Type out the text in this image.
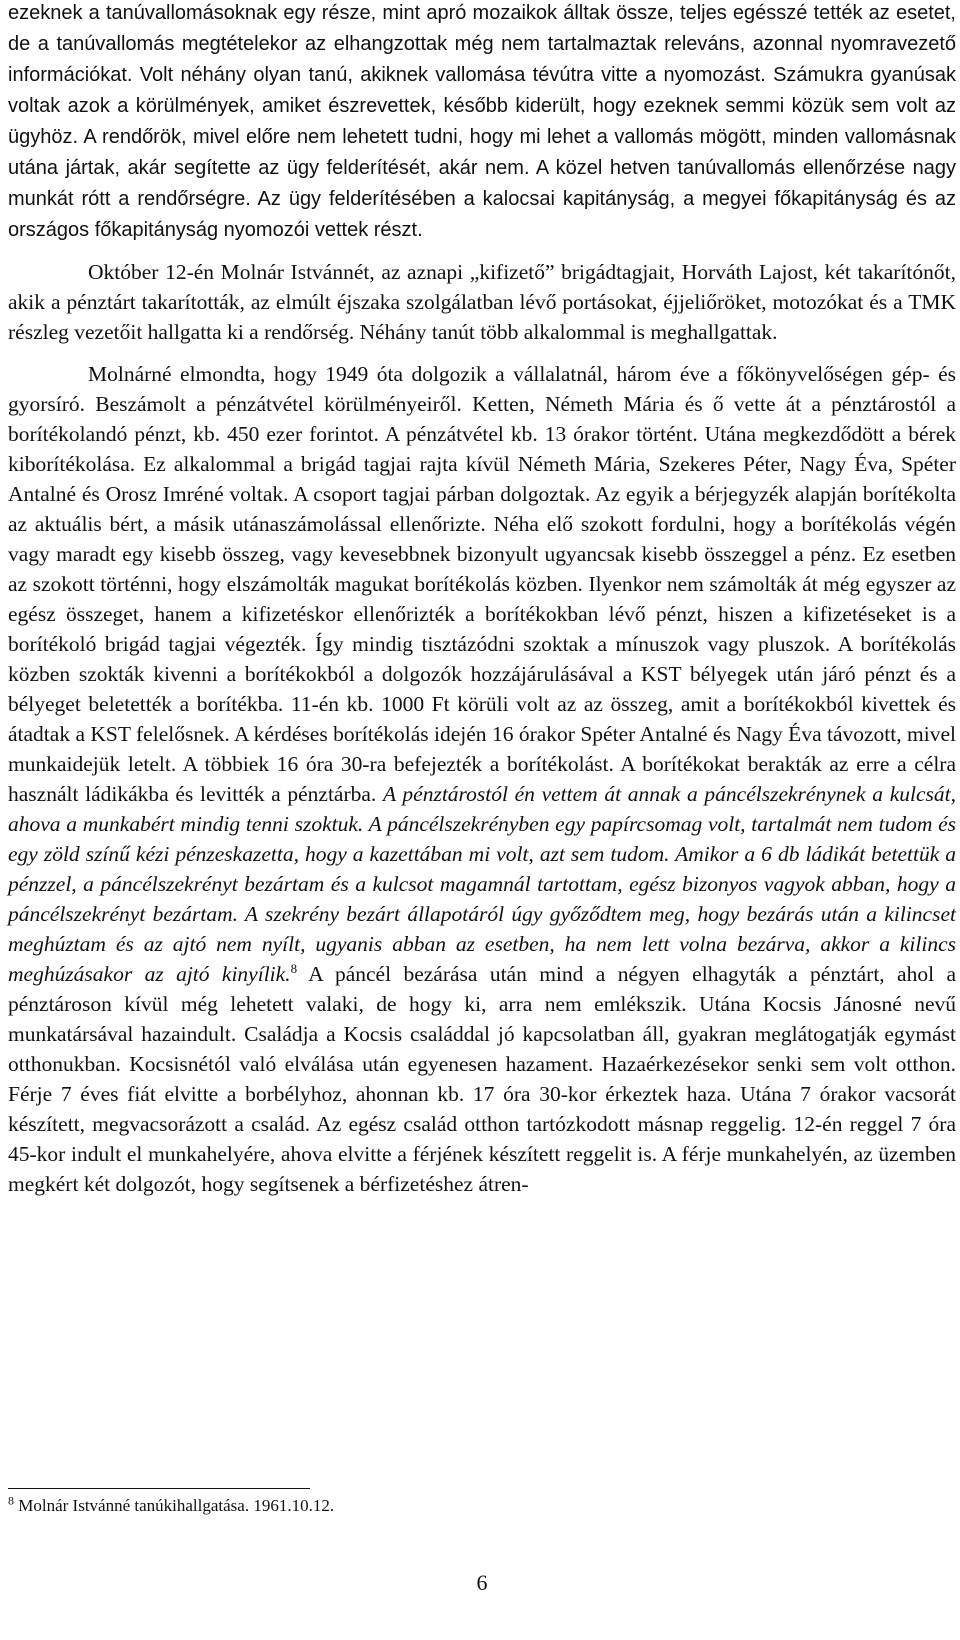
ezeknek a tanúvallomásoknak egy része, mint apró mozaikok álltak össze, teljes egésszé tették az esetet, de a tanúvallomás megtételekor az elhangzottak még nem tartalmaztak releváns, azonnal nyomravezető információkat. Volt néhány olyan tanú, akiknek vallomása tévútra vitte a nyomozást. Számukra gyanúsak voltak azok a körülmények, amiket észrevettek, később kiderült, hogy ezeknek semmi közük sem volt az ügyhöz. A rendőrök, mivel előre nem lehetett tudni, hogy mi lehet a vallomás mögött, minden vallomásnak utána jártak, akár segítette az ügy felderítését, akár nem. A közel hetven tanúvallomás ellenőrzése nagy munkát rótt a rendőrségre. Az ügy felderítésében a kalocsai kapitányság, a megyei főkapitányság és az országos főkapitányság nyomozói vettek részt.

Október 12-én Molnár Istvánnét, az aznapi „kifizető” brigádtagjait, Horváth Lajost, két takarítónőt, akik a pénztárt takarították, az elmúlt éjszaka szolgálatban lévő portásokat, éjjeliőröket, motozókat és a TMK részleg vezetőit hallgatta ki a rendőrség. Néhány tanút több alkalommal is meghallgattak.

Molnárné elmondta, hogy 1949 óta dolgozik a vállalatnál, három éve a főkönyvelőségen gép- és gyorsíró. Beszámolt a pénzátvétel körülményeiről. Ketten, Németh Mária és ő vette át a pénztárostól a borítékolandó pénzt, kb. 450 ezer forintot. A pénzátvétel kb. 13 órakor történt. Utána megkezdődött a bérek kiborítékolása. Ez alkalommal a brigád tagjai rajta kívül Németh Mária, Szekeres Péter, Nagy Éva, Spéter Antalné és Orosz Imréné voltak. A csoport tagjai párban dolgoztak. Az egyik a bérjegyzék alapján borítékolta az aktuális bért, a másik utánaszámolással ellenőrizte. Néha elő szokott fordulni, hogy a borítékolás végén vagy maradt egy kisebb összeg, vagy kevesebbnek bizonyult ugyancsak kisebb összeggel a pénz. Ez esetben az szokott történni, hogy elszámolták magukat borítékolás közben. Ilyenkor nem számolták át még egyszer az egész összeget, hanem a kifizetéskor ellenőrizték a borítékokban lévő pénzt, hiszen a kifizetéseket is a borítékoló brigád tagjai végezték. Így mindig tisztázódni szoktak a mínuszok vagy pluszok. A borítékolás közben szokták kivenni a borítékokból a dolgozók hozzájárulásával a KST bélyegek után járó pénzt és a bélyeget beletették a borítékba. 11-én kb. 1000 Ft körüli volt az az összeg, amit a borítékokból kivettek és átadtak a KST felelősnek. A kérdéses borítékolás idején 16 órakor Spéter Antalné és Nagy Éva távozott, mivel munkaidejük letelt. A többiek 16 óra 30-ra befejezték a borítékolást. A borítékokat berakták az erre a célra használt ládikákba és levitték a pénztárba. A pénztárostól én vettem át annak a páncélszekrénynek a kulcsát, ahova a munkabért mindig tenni szoktuk. A páncélszekrényben egy papírcsomag volt, tartalmát nem tudom és egy zöld színű kézi pénzeskazetta, hogy a kazettában mi volt, azt sem tudom. Amikor a 6 db ládikát betettük a pénzzel, a páncélszekrényt bezártam és a kulcsot magamnál tartottam, egész bizonyos vagyok abban, hogy a páncélszekrényt bezártam. A szekrény bezárt állapotáról úgy győződtem meg, hogy bezárás után a kilincset meghúztam és az ajtó nem nyílt, ugyanis abban az esetben, ha nem lett volna bezárva, akkor a kilincs meghúzásakor az ajtó kinyílik.$^8$ A páncél bezárása után mind a négyen elhagyták a pénztárt, ahol a pénztároson kívül még lehetett valaki, de hogy ki, arra nem emlékszik. Utána Kocsis Jánosné nevű munkatársával hazaindult. Családja a Kocsis családdal jó kapcsolatban áll, gyakran meglátogatják egymást otthonukban. Kocsisnétól való elválása után egyenesen hazament. Hazaérkezésekor senki sem volt otthon. Férje 7 éves fiát elvitte a borbélyhoz, ahonnan kb. 17 óra 30-kor érkeztek haza. Utána 7 órakor vacsorát készített, megvacsorázott a család. Az egész család otthon tartózkodott másnap reggelig. 12-én reggel 7 óra 45-kor indult el munkahelyére, ahova elvitte a férjének készített reggelit is. A férje munkahelyén, az üzemben megkért két dolgozót, hogy segítsenek a bérfizetéshez átren-

$^8$ Molnár Istvánné tanúkihallgatása. 1961.10.12.
6
